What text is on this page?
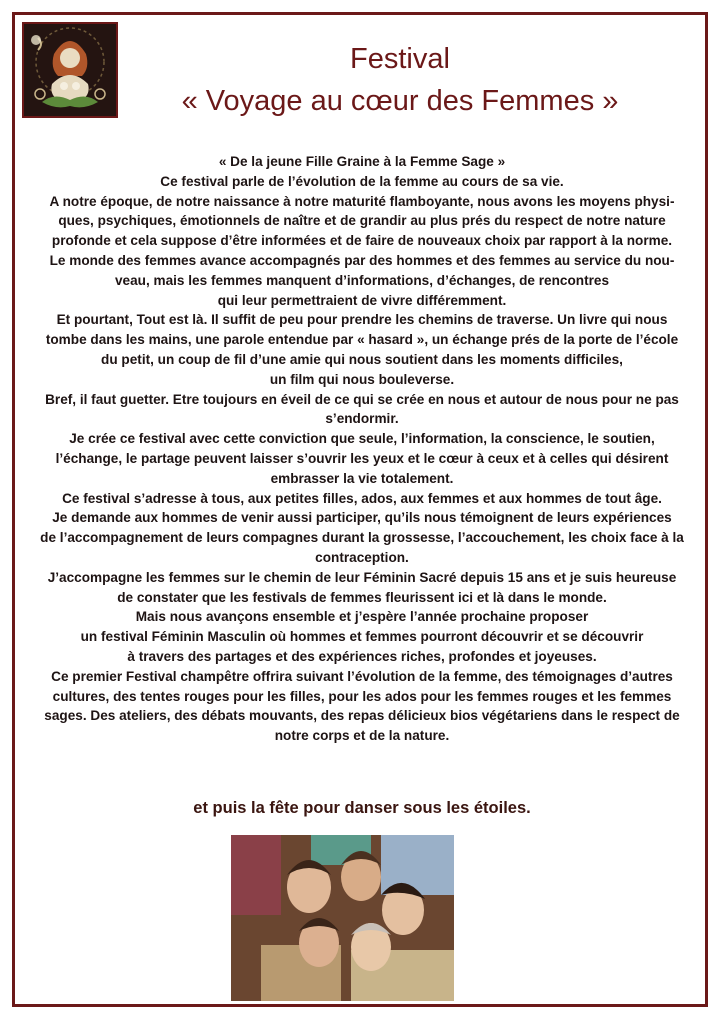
Festival
« Voyage au cœur des Femmes »

« De la jeune Fille Graine à la Femme Sage »

Ce festival parle de l’évolution de la femme au cours de sa vie.

A notre époque, de notre naissance à notre maturité flamboyante, nous avons les moyens physi-

ques, psychiques, émotionnels de naître et de grandir au plus prés du respect de notre nature

profonde et cela suppose d’être informées et de faire de nouveaux choix par rapport à la norme.

Le monde des femmes avance accompagnés par des hommes et des femmes au service du nou-

veau, mais les femmes manquent d’informations, d’échanges, de rencontres

qui leur permettraient de vivre différemment.

Et pourtant, Tout est là. Il suffit de peu pour prendre les chemins de traverse. Un livre qui nous

tombe dans les mains, une parole entendue par « hasard », un échange prés de la porte de l’école

du petit, un coup de fil d’une amie qui nous soutient dans les moments difficiles,

un film qui nous bouleverse.

Bref, il faut guetter. Etre toujours en éveil de ce qui se crée en nous et autour de nous pour ne pas

s’endormir.

Je crée ce festival avec cette conviction que seule, l’information, la conscience, le soutien,

l’échange, le partage peuvent laisser s’ouvrir les yeux et le cœur à ceux et à celles qui désirent

embrasser la vie totalement.

Ce festival s’adresse à tous, aux petites filles, ados, aux femmes et aux hommes de tout âge.

Je demande aux hommes de venir aussi participer, qu’ils nous témoignent de leurs expériences

de l’accompagnement de leurs compagnes durant la grossesse, l’accouchement, les choix face à la

contraception.

J’accompagne les femmes sur le chemin de leur Féminin Sacré depuis 15 ans et je suis heureuse

de constater que les festivals de femmes fleurissent ici et là dans le monde.

Mais nous avançons ensemble et j’espère l’année prochaine proposer

un festival Féminin Masculin où hommes et femmes pourront découvrir et se découvrir

à travers des partages et des expériences riches, profondes et joyeuses.

Ce premier Festival champêtre offrira suivant l’évolution de la femme, des témoignages d’autres

cultures, des tentes rouges pour les filles, pour les ados pour les femmes rouges et les femmes

sages. Des ateliers, des débats mouvants, des repas délicieux bios végétariens dans le respect de

notre corps et de la nature.

et puis la fête pour danser sous les étoiles.
